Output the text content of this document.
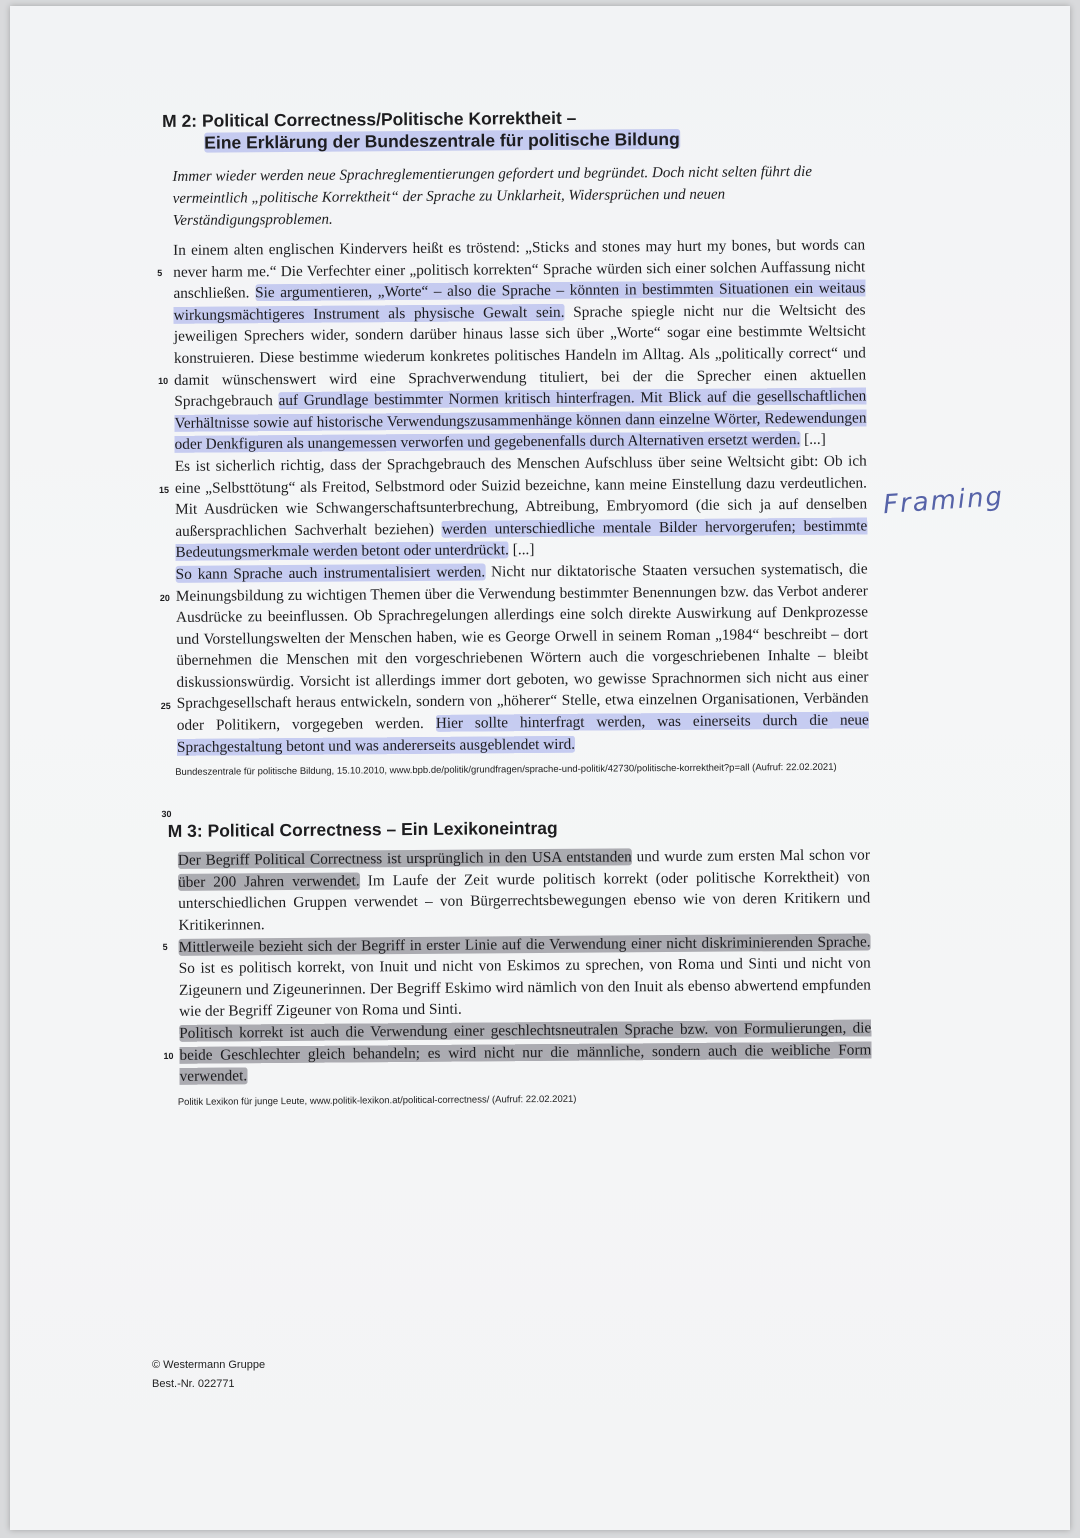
M 2: Political Correctness/Politische Korrektheit –

Eine Erklärung der Bundeszentrale für politische Bildung

Immer wieder werden neue Sprachreglementierungen gefordert und begründet. Doch nicht selten führt die vermeintlich „politische Korrektheit“ der Sprache zu Unklarheit, Widersprüchen und neuen Verständigungsproblemen.

5
10
15
20
25
30

In einem alten englischen Kindervers heißt es tröstend: „Sticks and stones may hurt my bones, but words can never harm me.“ Die Verfechter einer „politisch korrekten“ Sprache würden sich einer solchen Auffassung nicht anschließen. Sie argumentieren, „Worte“ – also die Sprache – könnten in bestimmten Situationen ein weitaus wirkungsmächtigeres Instrument als physische Gewalt sein. Sprache spiegle nicht nur die Weltsicht des jeweiligen Sprechers wider, sondern darüber hinaus lasse sich über „Worte“ sogar eine bestimmte Weltsicht konstruieren. Diese bestimme wiederum konkretes politisches Handeln im Alltag. Als „politically correct“ und damit wünschenswert wird eine Sprachverwendung tituliert, bei der die Sprecher einen aktuellen Sprachgebrauch auf Grundlage bestimmter Normen kritisch hinterfragen. Mit Blick auf die gesellschaftlichen Verhältnisse sowie auf historische Verwendungszusammenhänge können dann einzelne Wörter, Redewendungen oder Denkfiguren als unangemessen verworfen und gegebenenfalls durch Alternativen ersetzt werden. [...]

Es ist sicherlich richtig, dass der Sprachgebrauch des Menschen Aufschluss über seine Weltsicht gibt: Ob ich eine „Selbsttötung“ als Freitod, Selbstmord oder Suizid bezeichne, kann meine Einstellung dazu verdeutlichen. Mit Ausdrücken wie Schwangerschaftsunterbrechung, Abtreibung, Embryomord (die sich ja auf denselben außersprachlichen Sachverhalt beziehen) werden unterschiedliche mentale Bilder hervorgerufen; bestimmte Bedeutungsmerkmale werden betont oder unterdrückt. [...]

So kann Sprache auch instrumentalisiert werden. Nicht nur diktatorische Staaten versuchen systematisch, die Meinungsbildung zu wichtigen Themen über die Verwendung bestimmter Benennungen bzw. das Verbot anderer Ausdrücke zu beeinflussen. Ob Sprachregelungen allerdings eine solch direkte Auswirkung auf Denkprozesse und Vorstellungswelten der Menschen haben, wie es George Orwell in seinem Roman „1984“ beschreibt – dort übernehmen die Menschen mit den vorgeschriebenen Wörtern auch die vorgeschriebenen Inhalte – bleibt diskussionswürdig. Vorsicht ist allerdings immer dort geboten, wo gewisse Sprachnormen sich nicht aus einer Sprachgesellschaft heraus entwickeln, sondern von „höherer“ Stelle, etwa einzelnen Organisationen, Verbänden oder Politikern, vorgegeben werden. Hier sollte hinterfragt werden, was einerseits durch die neue Sprachgestaltung betont und was andererseits ausgeblendet wird.

Bundeszentrale für politische Bildung, 15.10.2010, www.bpb.de/politik/grundfragen/sprache-und-politik/42730/politische-korrektheit?p=all (Aufruf: 22.02.2021)

M 3: Political Correctness – Ein Lexikoneintrag
5
10

Der Begriff Political Correctness ist ursprünglich in den USA entstanden und wurde zum ersten Mal schon vor über 200 Jahren verwendet. Im Laufe der Zeit wurde politisch korrekt (oder politische Korrektheit) von unterschiedlichen Gruppen verwendet – von Bürgerrechtsbewegungen ebenso wie von deren Kritikern und Kritikerinnen.

Mittlerweile bezieht sich der Begriff in erster Linie auf die Verwendung einer nicht diskriminierenden Sprache. So ist es politisch korrekt, von Inuit und nicht von Eskimos zu sprechen, von Roma und Sinti und nicht von Zigeunern und Zigeunerinnen. Der Begriff Eskimo wird nämlich von den Inuit als ebenso abwertend empfunden wie der Begriff Zigeuner von Roma und Sinti.

Politisch korrekt ist auch die Verwendung einer geschlechtsneutralen Sprache bzw. von Formulierungen, die beide Geschlechter gleich behandeln; es wird nicht nur die männliche, sondern auch die weibliche Form verwendet.

Politik Lexikon für junge Leute, www.politik-lexikon.at/political-correctness/ (Aufruf: 22.02.2021)

Framing
© Westermann Gruppe
Best.-Nr. 022771
